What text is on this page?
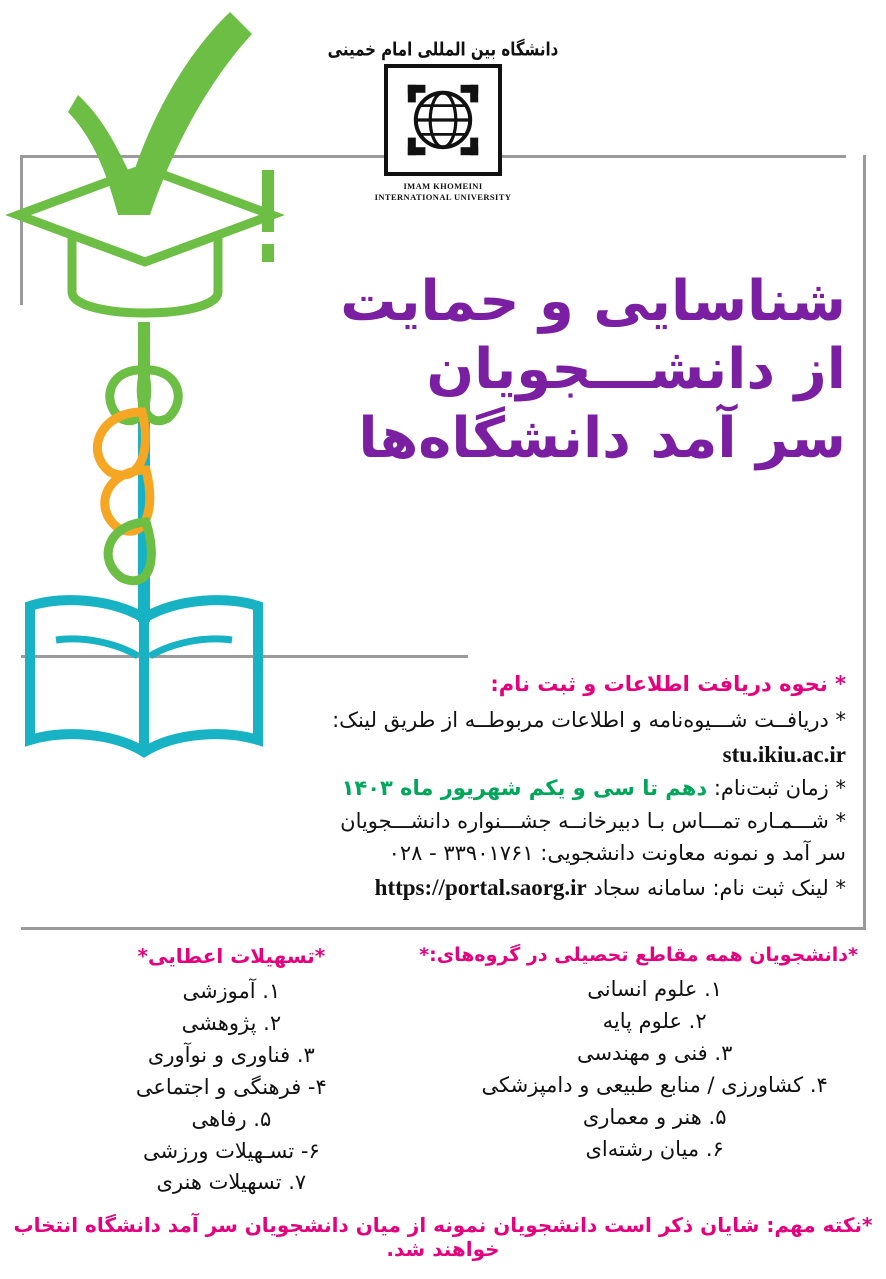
دانشگاه بین المللی امام خمینی
IMAM KHOMEINI
INTERNATIONAL UNIVERSITY
شناسایی و حمایت
از دانشـــجویان
سر آمد دانشگاه‌ها
* نحوه دریافت اطلاعات و ثبت نام:
* دریافــت شـــیوه‌نامه و اطلاعات مربوطــه از طریق لینک:
stu.ikiu.ac.ir
* زمان ثبت‌نام: دهم تا سی و یکم شهریور ماه ۱۴۰۳
* شـــمـاره تمـــاس بـا دبیرخانــه جشـــنواره دانشـــجویان
سر آمد و نمونه معاونت دانشجویی: ۳۳۹۰۱۷۶۱ - ۰۲۸
* لینک ثبت نام: سامانه سجاد https://portal.saorg.ir
*دانشجویان همه مقاطع تحصیلی در گروه‌های:*
۱. علوم انسانی
۲. علوم پایه
۳. فنی و مهندسی
۴. کشاورزی / منابع طبیعی و دامپزشکی
۵. هنر و معماری
۶. میان رشته‌ای
*تسهیلات اعطایی*
۱. آموزشی
۲. پژوهشی
۳. فناوری و نوآوری
۴- فرهنگی و اجتماعی
۵. رفاهی
۶- تسـهیلات ورزشی
۷. تسهیلات هنری
*نکته مهم: شایان ذکر است دانشجویان نمونه از میان دانشجویان سر آمد دانشگاه انتخاب خواهند شد.
